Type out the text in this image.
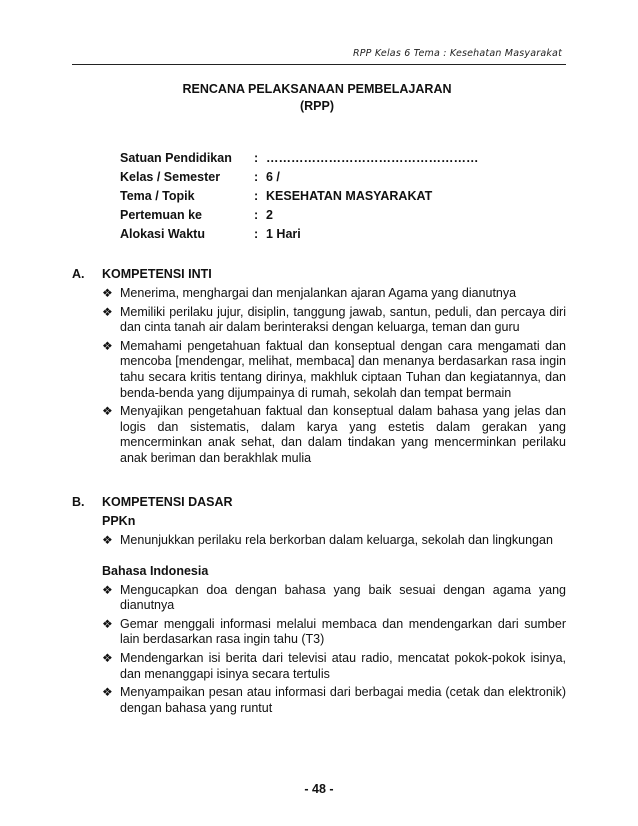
RPP Kelas 6 Tema : Kesehatan Masyarakat
RENCANA PELAKSANAAN PEMBELAJARAN
(RPP)
Satuan Pendidikan	: ……………………………………………
Kelas / Semester	: 6 /
Tema / Topik	: KESEHATAN MASYARAKAT
Pertemuan ke	: 2
Alokasi Waktu	: 1 Hari
A.	KOMPETENSI INTI
❖ Menerima, menghargai dan menjalankan ajaran Agama yang dianutnya
❖ Memiliki perilaku jujur, disiplin, tanggung jawab, santun, peduli, dan percaya diri dan cinta tanah air dalam berinteraksi dengan keluarga, teman dan guru
❖ Memahami pengetahuan faktual dan konseptual dengan cara mengamati dan mencoba [mendengar, melihat, membaca] dan menanya berdasarkan rasa ingin tahu secara kritis tentang dirinya, makhluk ciptaan Tuhan dan kegiatannya, dan benda-benda yang dijumpainya di rumah, sekolah dan tempat bermain
❖ Menyajikan pengetahuan faktual dan konseptual dalam bahasa yang jelas dan logis dan sistematis, dalam karya yang estetis dalam gerakan yang mencerminkan anak sehat, dan dalam tindakan yang mencerminkan perilaku anak beriman dan berakhlak mulia
B.	KOMPETENSI DASAR
PPKn
❖ Menunjukkan perilaku rela berkorban dalam keluarga, sekolah dan lingkungan
Bahasa Indonesia
❖ Mengucapkan doa dengan bahasa yang baik sesuai dengan agama yang dianutnya
❖ Gemar menggali informasi melalui membaca dan mendengarkan dari sumber lain berdasarkan rasa ingin tahu (T3)
❖ Mendengarkan isi berita dari televisi atau radio, mencatat pokok-pokok isinya, dan menanggapi isinya secara tertulis
❖ Menyampaikan pesan atau informasi dari berbagai media (cetak dan elektronik) dengan bahasa yang runtut
- 48 -
